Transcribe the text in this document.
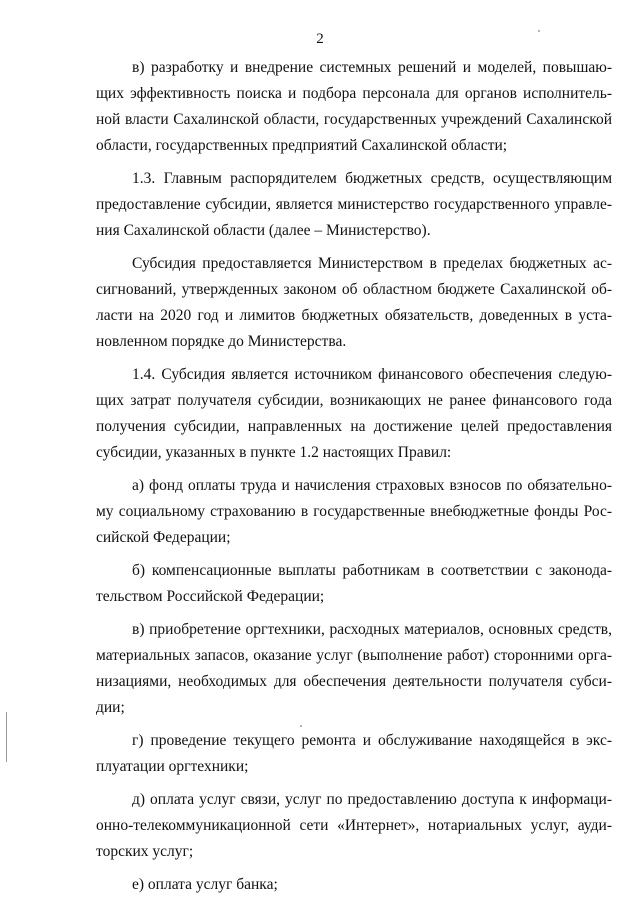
2
в) разработку и внедрение системных решений и моделей, повышаю-
щих эффективность поиска и подбора персонала для органов исполнитель-
ной власти Сахалинской области, государственных учреждений Сахалинской
области, государственных предприятий Сахалинской области;
1.3. Главным распорядителем бюджетных средств, осуществляющим
предоставление субсидии, является министерство государственного управле-
ния Сахалинской области (далее – Министерство).
Субсидия предоставляется Министерством в пределах бюджетных ас-
сигнований, утвержденных законом об областном бюджете Сахалинской об-
ласти на 2020 год и лимитов бюджетных обязательств, доведенных в уста-
новленном порядке до Министерства.
1.4. Субсидия является источником финансового обеспечения следую-
щих затрат получателя субсидии, возникающих не ранее финансового года
получения субсидии, направленных на достижение целей предоставления
субсидии, указанных в пункте 1.2 настоящих Правил:
а) фонд оплаты труда и начисления страховых взносов по обязательно-
му социальному страхованию в государственные внебюджетные фонды Рос-
сийской Федерации;
б) компенсационные выплаты работникам в соответствии с законода-
тельством Российской Федерации;
в) приобретение оргтехники, расходных материалов, основных средств,
материальных запасов, оказание услуг (выполнение работ) сторонними орга-
низациями, необходимых для обеспечения деятельности получателя субси-
дии;
г) проведение текущего ремонта и обслуживание находящейся в экс-
плуатации оргтехники;
д) оплата услуг связи, услуг по предоставлению доступа к информаци-
онно-телекоммуникационной сети «Интернет», нотариальных услуг, ауди-
торских услуг;
е) оплата услуг банка;
